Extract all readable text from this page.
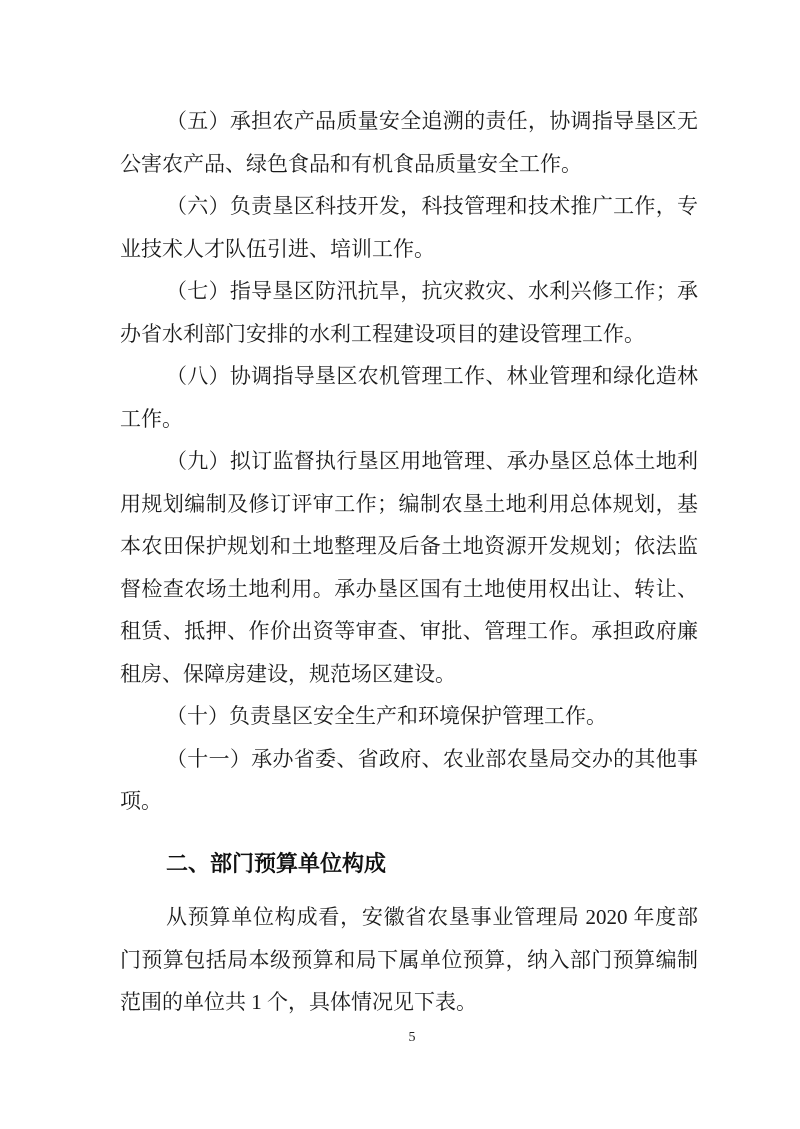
（五）承担农产品质量安全追溯的责任，协调指导垦区无
公害农产品、绿色食品和有机食品质量安全工作。
（六）负责垦区科技开发，科技管理和技术推广工作，专
业技术人才队伍引进、培训工作。
（七）指导垦区防汛抗旱，抗灾救灾、水利兴修工作；承
办省水利部门安排的水利工程建设项目的建设管理工作。
（八）协调指导垦区农机管理工作、林业管理和绿化造林
工作。
（九）拟订监督执行垦区用地管理、承办垦区总体土地利
用规划编制及修订评审工作；编制农垦土地利用总体规划，基
本农田保护规划和土地整理及后备土地资源开发规划；依法监
督检查农场土地利用。承办垦区国有土地使用权出让、转让、
租赁、抵押、作价出资等审查、审批、管理工作。承担政府廉
租房、保障房建设，规范场区建设。
（十）负责垦区安全生产和环境保护管理工作。
（十一）承办省委、省政府、农业部农垦局交办的其他事
项。
二、部门预算单位构成
从预算单位构成看，安徽省农垦事业管理局 2020 年度部
门预算包括局本级预算和局下属单位预算，纳入部门预算编制
范围的单位共 1 个，具体情况见下表。
5
